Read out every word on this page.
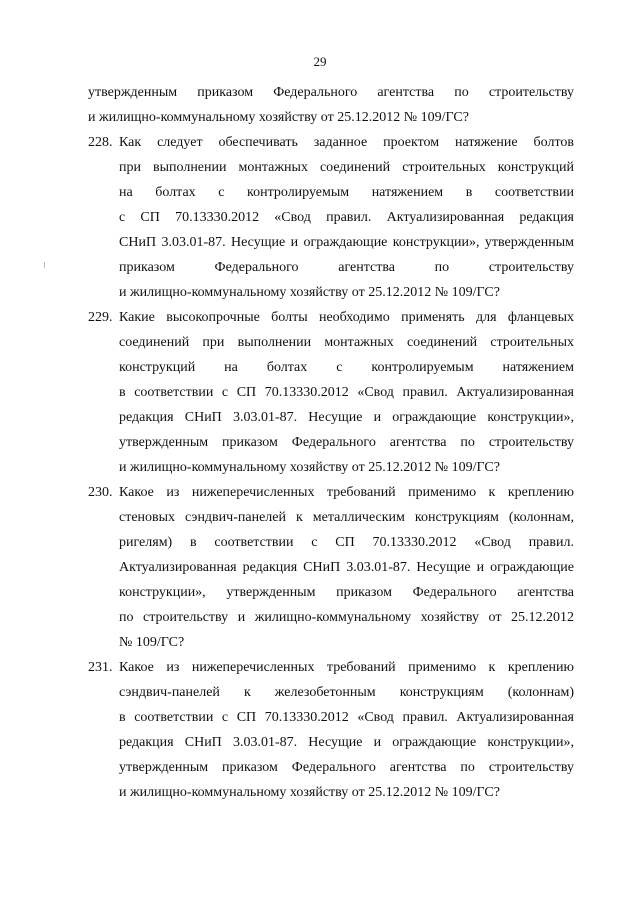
29
утвержденным приказом Федерального агентства по строительству
и жилищно-коммунальному хозяйству от 25.12.2012 № 109/ГС?
228. Как следует обеспечивать заданное проектом натяжение болтов
при выполнении монтажных соединений строительных конструкций
на болтах с контролируемым натяжением в соответствии
с СП 70.13330.2012 «Свод правил. Актуализированная редакция
СНиП 3.03.01-87. Несущие и ограждающие конструкции», утвержденным
приказом Федерального агентства по строительству
и жилищно-коммунальному хозяйству от 25.12.2012 № 109/ГС?
229. Какие высокопрочные болты необходимо применять для фланцевых
соединений при выполнении монтажных соединений строительных
конструкций на болтах с контролируемым натяжением
в соответствии с СП 70.13330.2012 «Свод правил. Актуализированная
редакция СНиП 3.03.01-87. Несущие и ограждающие конструкции»,
утвержденным приказом Федерального агентства по строительству
и жилищно-коммунальному хозяйству от 25.12.2012 № 109/ГС?
230. Какое из нижеперечисленных требований применимо к креплению
стеновых сэндвич-панелей к металлическим конструкциям (колоннам,
ригелям) в соответствии с СП 70.13330.2012 «Свод правил.
Актуализированная редакция СНиП 3.03.01-87. Несущие и ограждающие
конструкции», утвержденным приказом Федерального агентства
по строительству и жилищно-коммунальному хозяйству от 25.12.2012
№ 109/ГС?
231. Какое из нижеперечисленных требований применимо к креплению
сэндвич-панелей к железобетонным конструкциям (колоннам)
в соответствии с СП 70.13330.2012 «Свод правил. Актуализированная
редакция СНиП 3.03.01-87. Несущие и ограждающие конструкции»,
утвержденным приказом Федерального агентства по строительству
и жилищно-коммунальному хозяйству от 25.12.2012 № 109/ГС?
